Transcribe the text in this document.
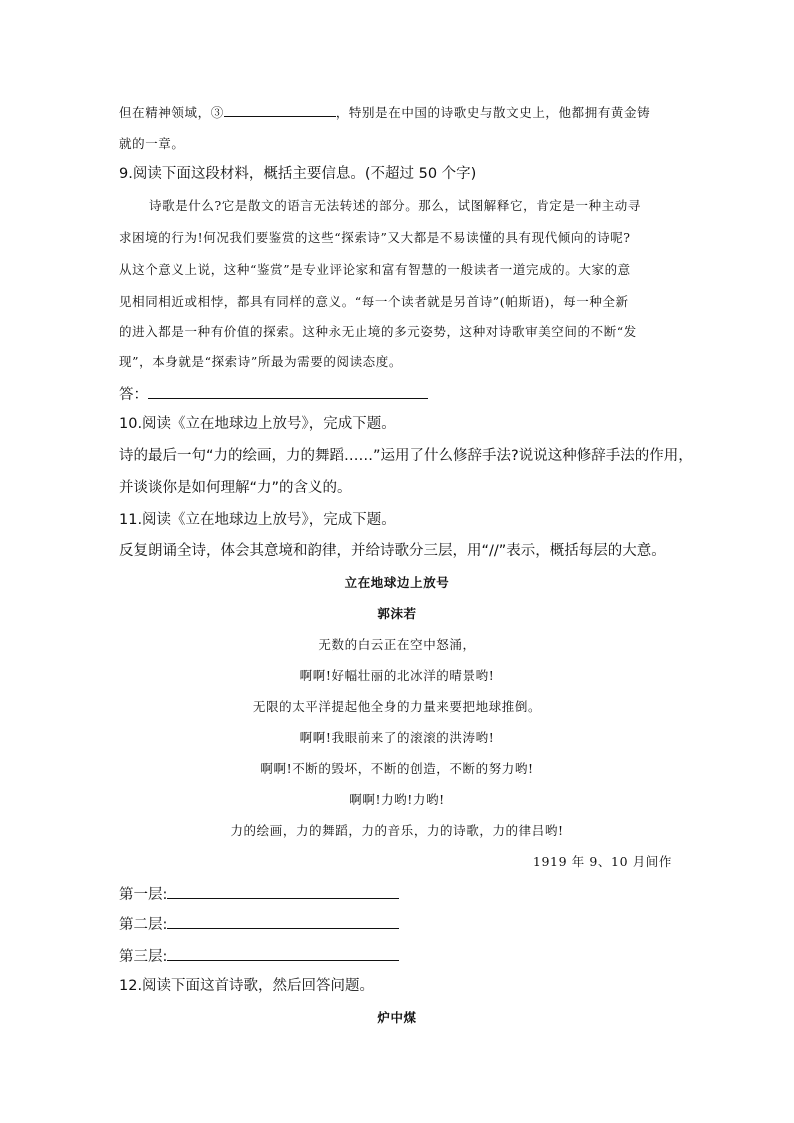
但在精神领域，③	，特别是在中国的诗歌史与散文史上，他都拥有黄金铸
就的一章。
9.阅读下面这段材料，概括主要信息。(不超过 50 个字)
诗歌是什么?它是散文的语言无法转述的部分。那么，试图解释它，肯定是一种主动寻
求困境的行为!何况我们要鉴赏的这些“探索诗”又大都是不易读懂的具有现代倾向的诗呢?
从这个意义上说，这种“鉴赏”是专业评论家和富有智慧的一般读者一道完成的。大家的意
见相同相近或相悖，都具有同样的意义。“每一个读者就是另首诗”(帕斯语)，每一种全新
的进入都是一种有价值的探索。这种永无止境的多元姿势，这种对诗歌审美空间的不断“发
现”，本身就是“探索诗”所最为需要的阅读态度。
答：
10.阅读《立在地球边上放号》，完成下题。
诗的最后一句“力的绘画，力的舞蹈……”运用了什么修辞手法?说说这种修辞手法的作用，
并谈谈你是如何理解“力”的含义的。
11.阅读《立在地球边上放号》，完成下题。
反复朗诵全诗，体会其意境和韵律，并给诗歌分三层，用“//”表示，概括每层的大意。
立在地球边上放号
郭沫若
无数的白云正在空中怒涌，
啊啊!好幅壮丽的北冰洋的晴景哟!
无限的太平洋提起他全身的力量来要把地球推倒。
啊啊!我眼前来了的滚滚的洪涛哟!
啊啊!不断的毁坏，不断的创造，不断的努力哟!
啊啊!力哟!力哟!
力的绘画，力的舞蹈，力的音乐，力的诗歌，力的律吕哟!
1919 年 9、10 月间作
第一层:
第二层:
第三层:
12.阅读下面这首诗歌，然后回答问题。
炉中煤
